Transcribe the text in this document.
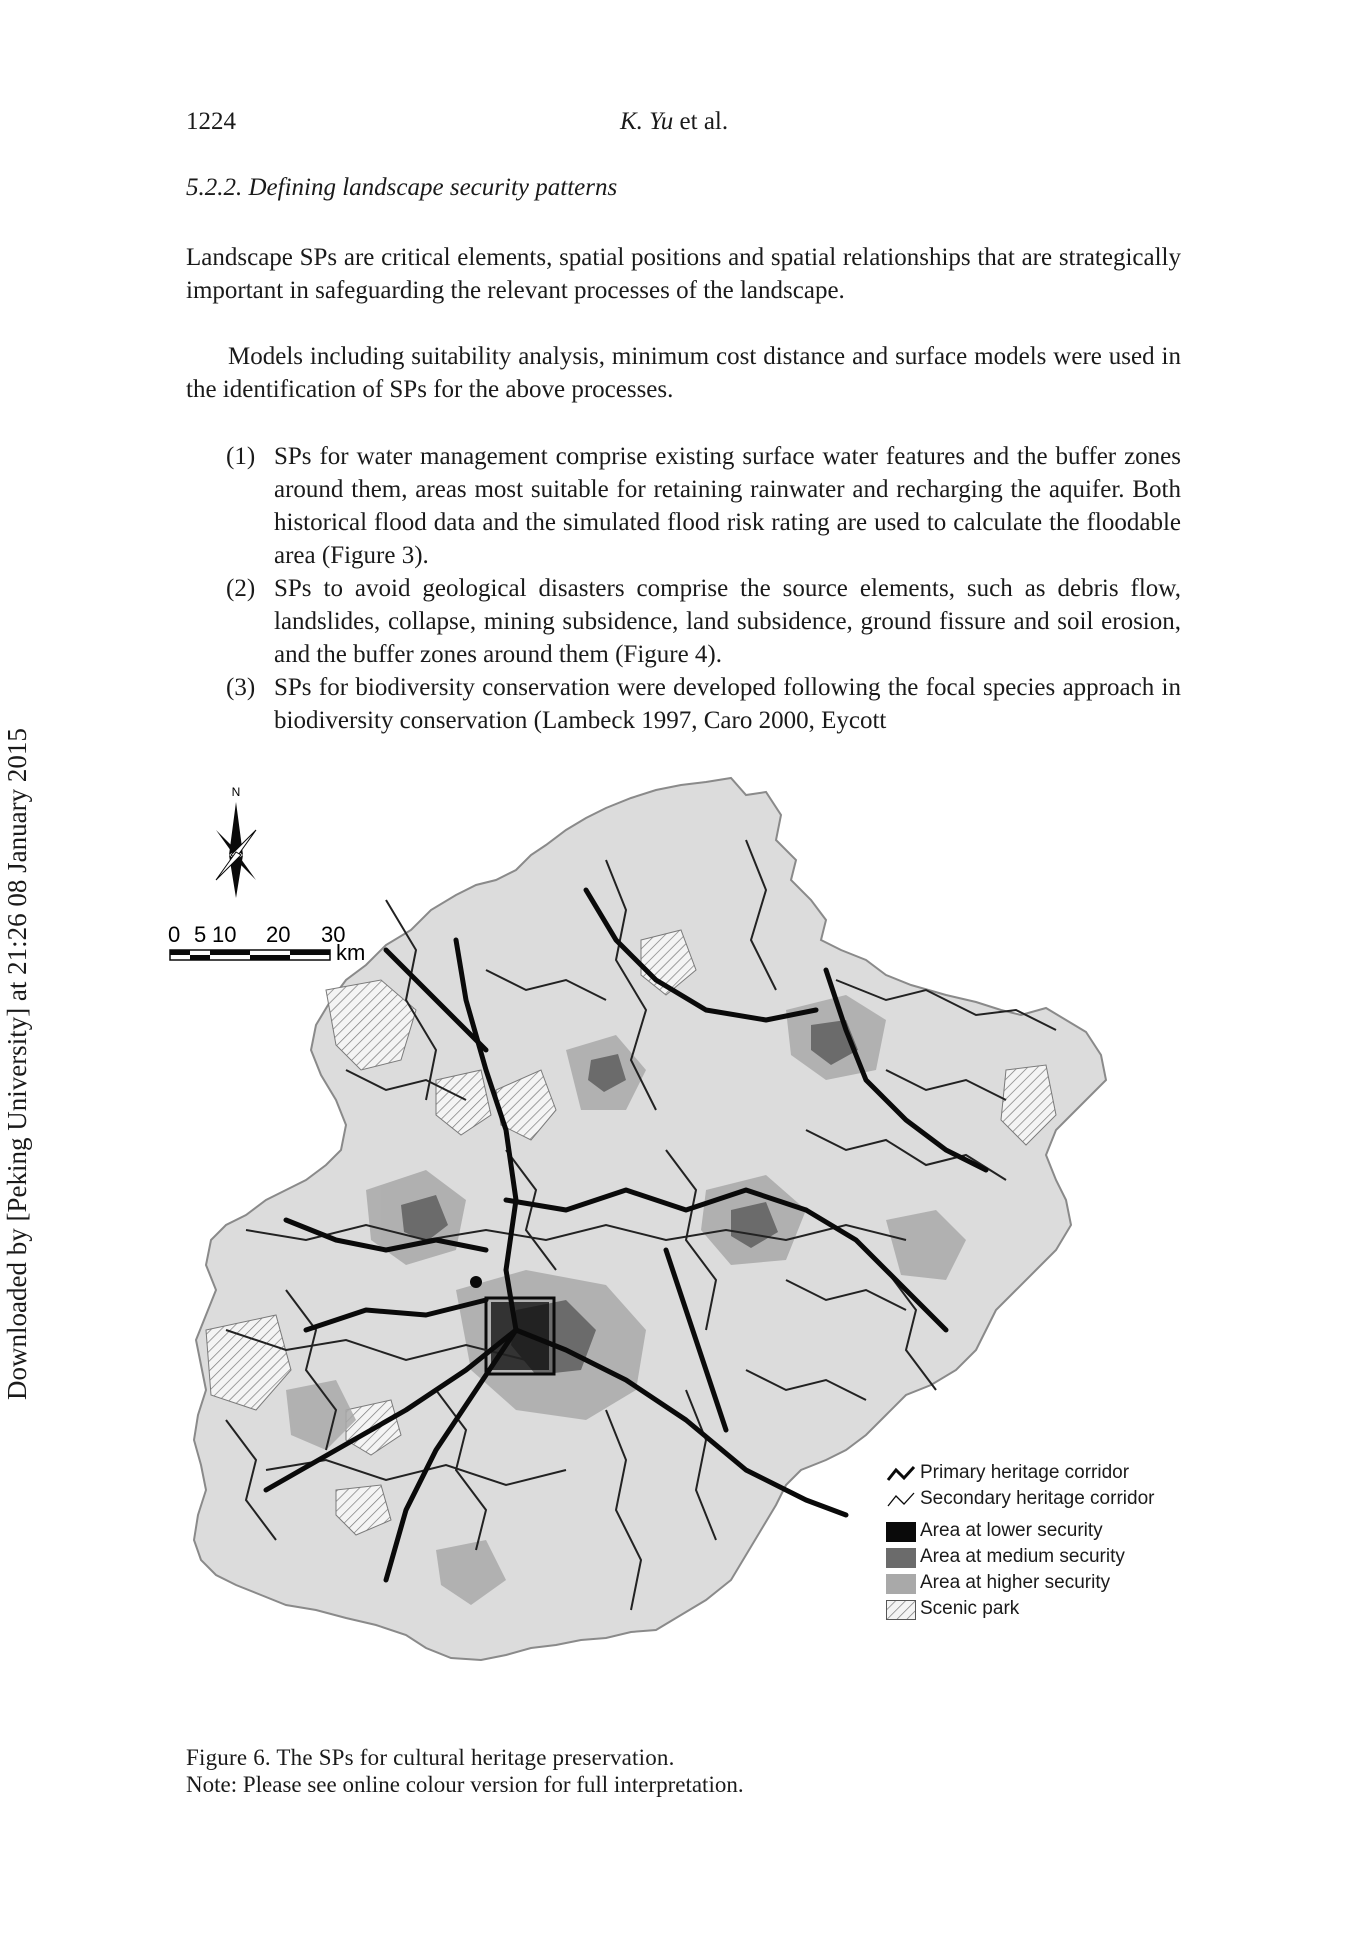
1224	K. Yu et al.
5.2.2. Defining landscape security patterns
Landscape SPs are critical elements, spatial positions and spatial relationships that are strategically important in safeguarding the relevant processes of the landscape.
Models including suitability analysis, minimum cost distance and surface models were used in the identification of SPs for the above processes.
(1) SPs for water management comprise existing surface water features and the buffer zones around them, areas most suitable for retaining rainwater and recharging the aquifer. Both historical flood data and the simulated flood risk rating are used to calculate the floodable area (Figure 3).
(2) SPs to avoid geological disasters comprise the source elements, such as debris flow, landslides, collapse, mining subsidence, land subsidence, ground fissure and soil erosion, and the buffer zones around them (Figure 4).
(3) SPs for biodiversity conservation were developed following the focal species approach in biodiversity conservation (Lambeck 1997, Caro 2000, Eycott
Downloaded by [Peking University] at 21:26 08 January 2015	N
0 5 10 20 30
km
Primary heritage corridor
Secondary heritage corridor
Area at lower security
Area at medium security
Area at higher security
Scenic park
Figure 6. The SPs for cultural heritage preservation.
Note: Please see online colour version for full interpretation.
